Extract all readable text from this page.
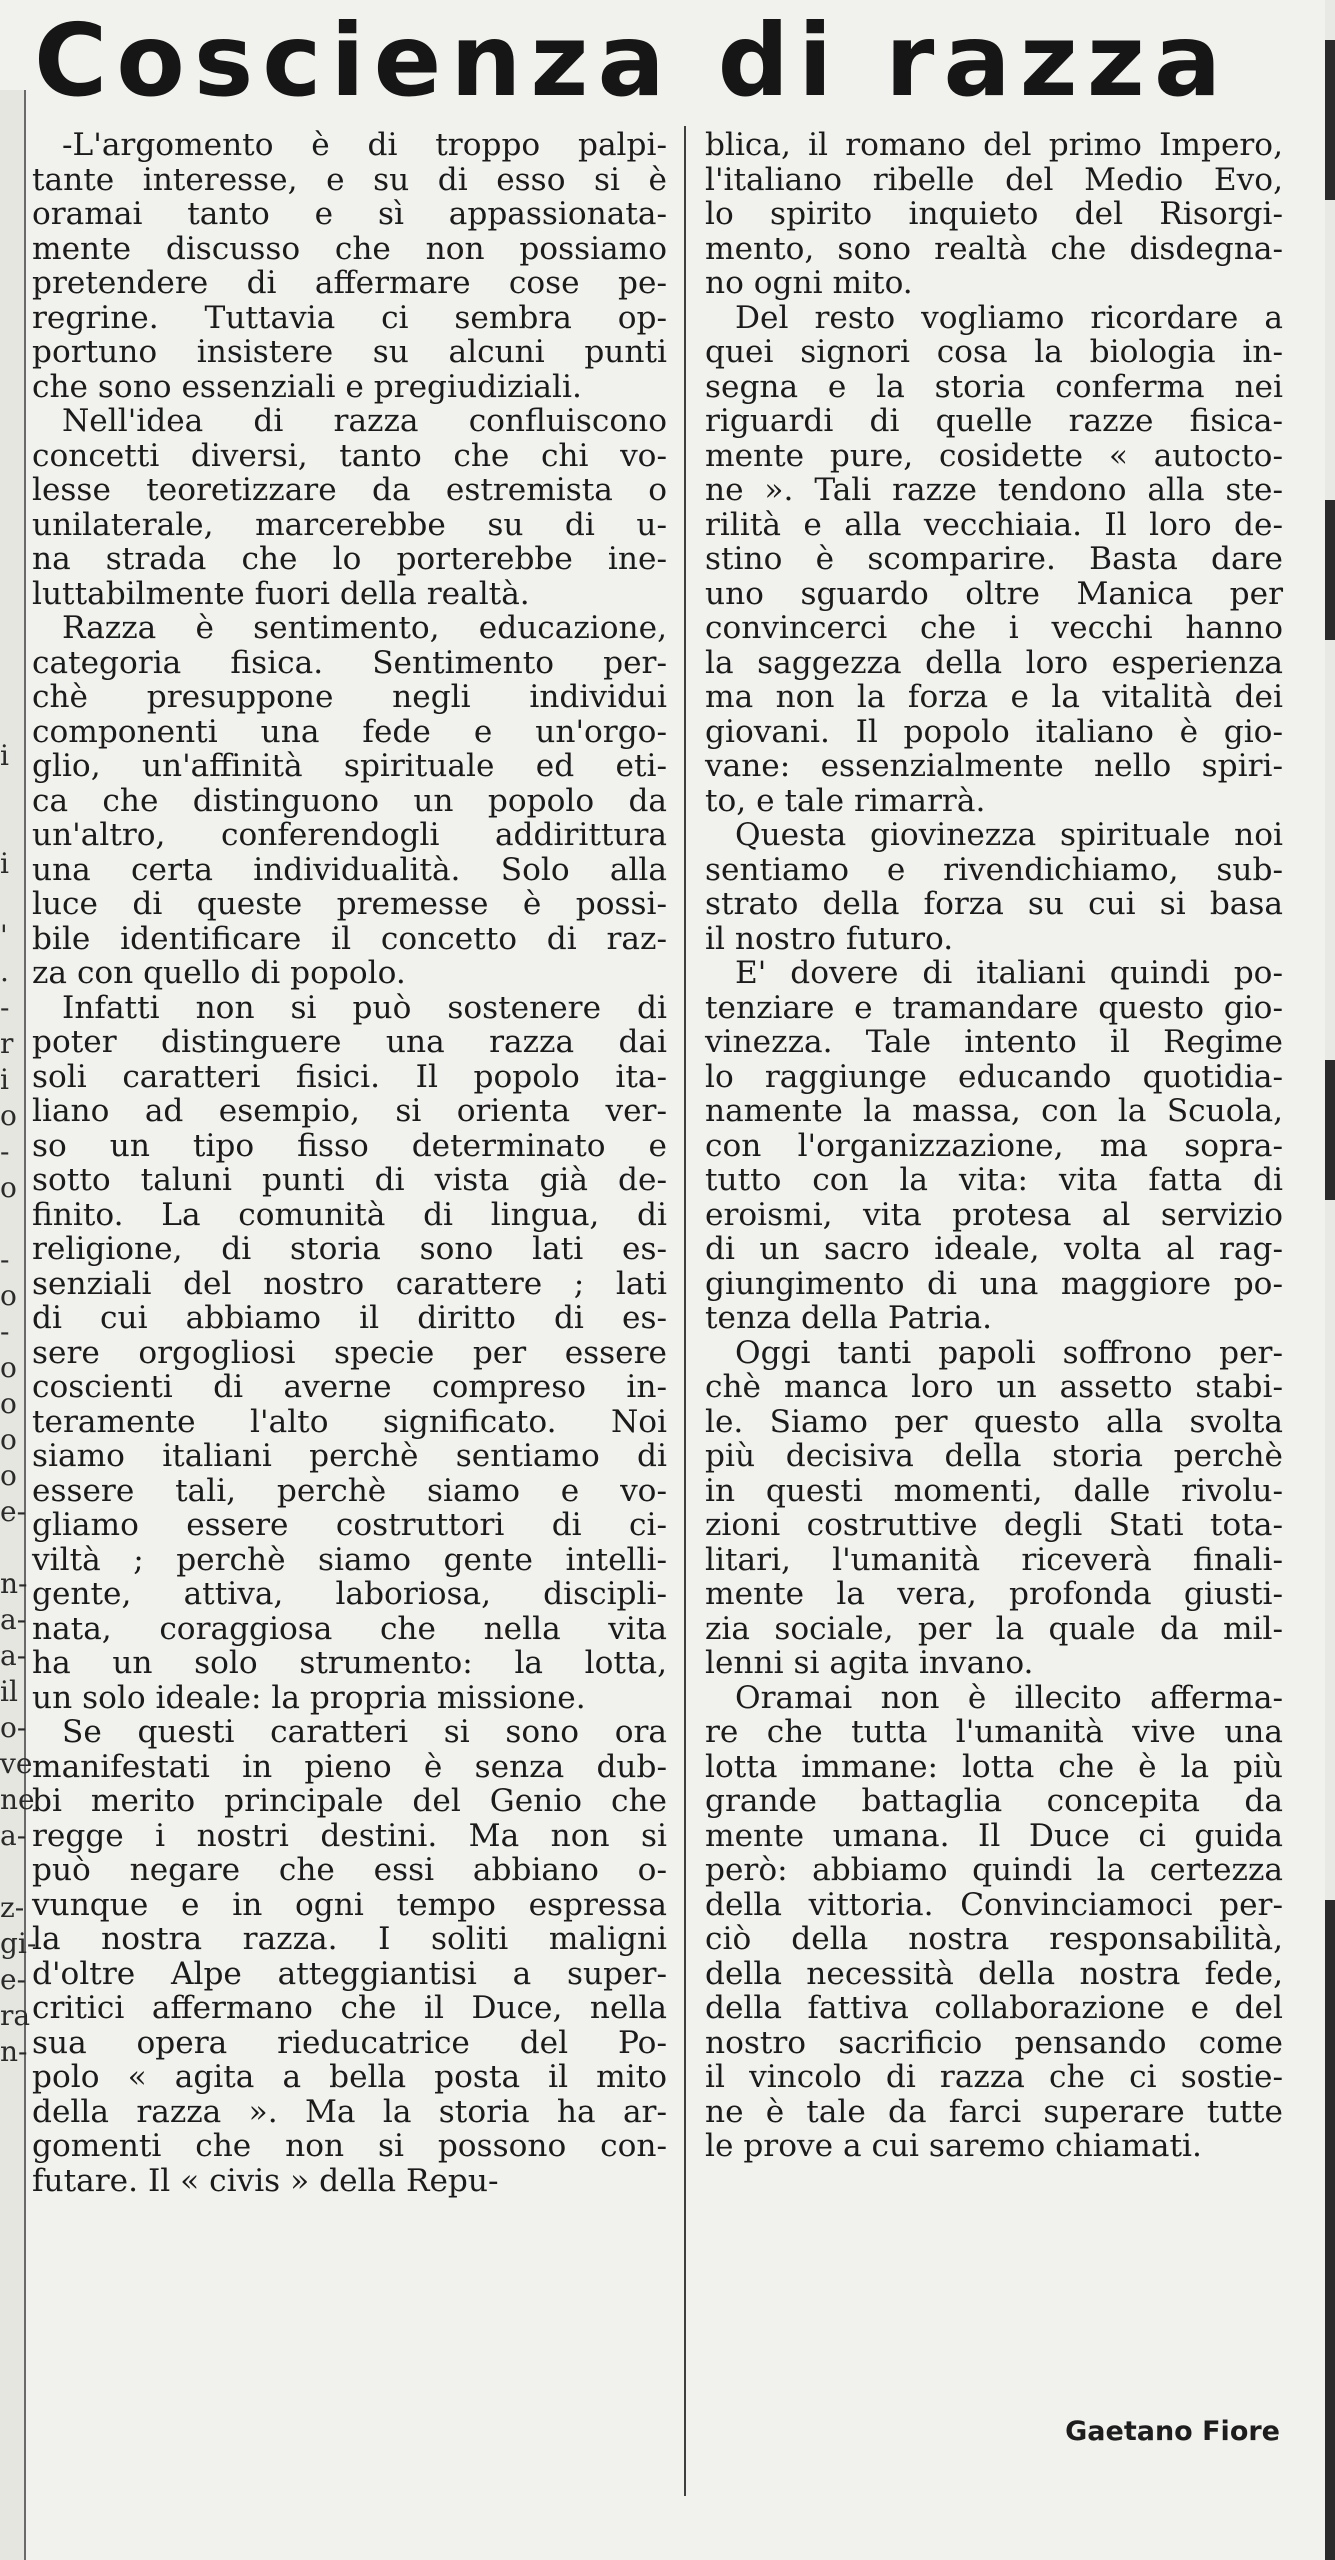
i
i
'
.
-
r
i
o
-
o
-
o
-
o
o
o
o
e-
n-
a-
a-
il
o-
ve
ne
a-
z-
gi-
e-
ra
n-
Coscienza di razza
-L'argomento è di troppo palpi-
tante interesse, e su di esso si è
oramai tanto e sì appassionata-
mente discusso che non possiamo
pretendere di affermare cose pe-
regrine. Tuttavia ci sembra op-
portuno insistere su alcuni punti
che sono essenziali e pregiudiziali.
Nell'idea di razza confluiscono
concetti diversi, tanto che chi vo-
lesse teoretizzare da estremista o
unilaterale, marcerebbe su di u-
na strada che lo porterebbe ine-
luttabilmente fuori della realtà.
Razza è sentimento, educazione,
categoria fisica. Sentimento per-
chè presuppone negli individui
componenti una fede e un'orgo-
glio, un'affinità spirituale ed eti-
ca che distinguono un popolo da
un'altro, conferendogli addirittura
una certa individualità. Solo alla
luce di queste premesse è possi-
bile identificare il concetto di raz-
za con quello di popolo.
Infatti non si può sostenere di
poter distinguere una razza dai
soli caratteri fisici. Il popolo ita-
liano ad esempio, si orienta ver-
so un tipo fisso determinato e
sotto taluni punti di vista già de-
finito. La comunità di lingua, di
religione, di storia sono lati es-
senziali del nostro carattere ; lati
di cui abbiamo il diritto di es-
sere orgogliosi specie per essere
coscienti di averne compreso in-
teramente l'alto significato. Noi
siamo italiani perchè sentiamo di
essere tali, perchè siamo e vo-
gliamo essere costruttori di ci-
viltà ; perchè siamo gente intelli-
gente, attiva, laboriosa, discipli-
nata, coraggiosa che nella vita
ha un solo strumento: la lotta,
un solo ideale: la propria missione.
Se questi caratteri si sono ora
manifestati in pieno è senza dub-
bi merito principale del Genio che
regge i nostri destini. Ma non si
può negare che essi abbiano o-
vunque e in ogni tempo espressa
la nostra razza. I soliti maligni
d'oltre Alpe atteggiantisi a super-
critici affermano che il Duce, nella
sua opera rieducatrice del Po-
polo « agita a bella posta il mito
della razza ». Ma la storia ha ar-
gomenti che non si possono con-
futare. Il « civis » della Repu-
blica, il romano del primo Impero,
l'italiano ribelle del Medio Evo,
lo spirito inquieto del Risorgi-
mento, sono realtà che disdegna-
no ogni mito.
Del resto vogliamo ricordare a
quei signori cosa la biologia in-
segna e la storia conferma nei
riguardi di quelle razze fisica-
mente pure, cosidette « autocto-
ne ». Tali razze tendono alla ste-
rilità e alla vecchiaia. Il loro de-
stino è scomparire. Basta dare
uno sguardo oltre Manica per
convincerci che i vecchi hanno
la saggezza della loro esperienza
ma non la forza e la vitalità dei
giovani. Il popolo italiano è gio-
vane: essenzialmente nello spiri-
to, e tale rimarrà.
Questa giovinezza spirituale noi
sentiamo e rivendichiamo, sub-
strato della forza su cui si basa
il nostro futuro.
E' dovere di italiani quindi po-
tenziare e tramandare questo gio-
vinezza. Tale intento il Regime
lo raggiunge educando quotidia-
namente la massa, con la Scuola,
con l'organizzazione, ma sopra-
tutto con la vita: vita fatta di
eroismi, vita protesa al servizio
di un sacro ideale, volta al rag-
giungimento di una maggiore po-
tenza della Patria.
Oggi tanti papoli soffrono per-
chè manca loro un assetto stabi-
le. Siamo per questo alla svolta
più decisiva della storia perchè
in questi momenti, dalle rivolu-
zioni costruttive degli Stati tota-
litari, l'umanità riceverà finali-
mente la vera, profonda giusti-
zia sociale, per la quale da mil-
lenni si agita invano.
Oramai non è illecito afferma-
re che tutta l'umanità vive una
lotta immane: lotta che è la più
grande battaglia concepita da
mente umana. Il Duce ci guida
però: abbiamo quindi la certezza
della vittoria. Convinciamoci per-
ciò della nostra responsabilità,
della necessità della nostra fede,
della fattiva collaborazione e del
nostro sacrificio pensando come
il vincolo di razza che ci sostie-
ne è tale da farci superare tutte
le prove a cui saremo chiamati.
Gaetano Fiore
